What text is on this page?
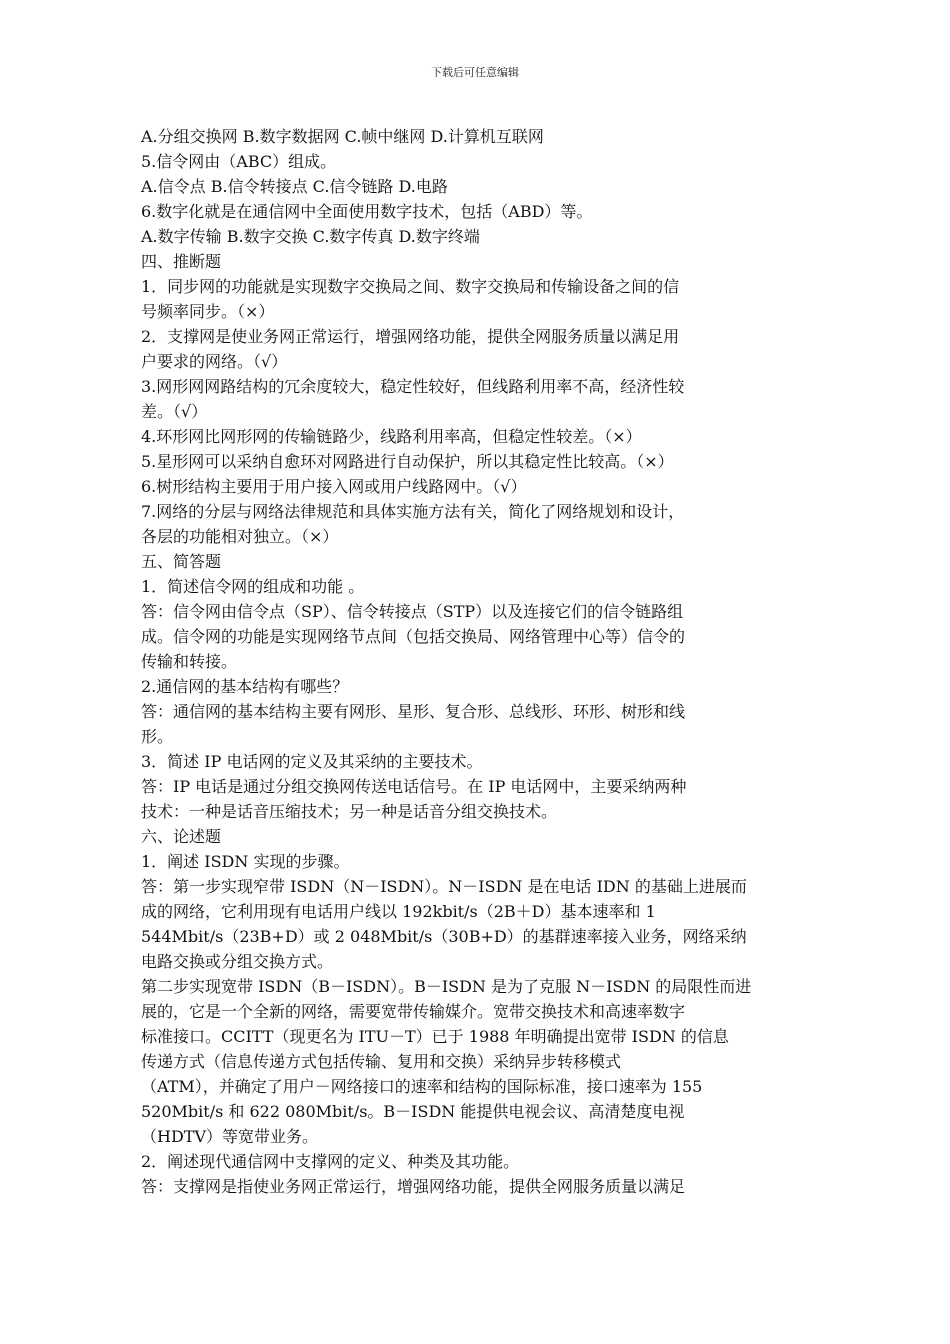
下载后可任意编辑
A.分组交换网 B.数字数据网 C.帧中继网 D.计算机互联网
5.信令网由（ABC）组成。
A.信令点 B.信令转接点 C.信令链路 D.电路
6.数字化就是在通信网中全面使用数字技术，包括（ABD）等。
A.数字传输 B.数字交换 C.数字传真 D.数字终端
四、推断题
1．同步网的功能就是实现数字交换局之间、数字交换局和传输设备之间的信
号频率同步。（×）
2．支撑网是使业务网正常运行，增强网络功能，提供全网服务质量以满足用
户要求的网络。（√）
3.网形网网路结构的冗余度较大，稳定性较好，但线路利用率不高，经济性较
差。（√）
4.环形网比网形网的传输链路少，线路利用率高，但稳定性较差。（×）
5.星形网可以采纳自愈环对网路进行自动保护，所以其稳定性比较高。（×）
6.树形结构主要用于用户接入网或用户线路网中。（√）
7.网络的分层与网络法律规范和具体实施方法有关，简化了网络规划和设计，
各层的功能相对独立。（×）
五、简答题
1．简述信令网的组成和功能 。
答：信令网由信令点（SP）、信令转接点（STP）以及连接它们的信令链路组
成。信令网的功能是实现网络节点间（包括交换局、网络管理中心等）信令的
传输和转接。
2.通信网的基本结构有哪些？
答：通信网的基本结构主要有网形、星形、复合形、总线形、环形、树形和线
形。
3．简述 IP 电话网的定义及其采纳的主要技术。
答：IP 电话是通过分组交换网传送电话信号。在 IP 电话网中，主要采纳两种
技术：一种是话音压缩技术；另一种是话音分组交换技术。
六、论述题
1．阐述 ISDN 实现的步骤。
答：第一步实现窄带 ISDN（N－ISDN）。N－ISDN 是在电话 IDN 的基础上进展而
成的网络，它利用现有电话用户线以 192kbit/s（2B＋D）基本速率和 1
544Mbit/s（23B+D）或 2 048Mbit/s（30B+D）的基群速率接入业务，网络采纳
电路交换或分组交换方式。
第二步实现宽带 ISDN（B－ISDN）。B－ISDN 是为了克服 N－ISDN 的局限性而进
展的，它是一个全新的网络，需要宽带传输媒介。宽带交换技术和高速率数字
标准接口。CCITT（现更名为 ITU－T）已于 1988 年明确提出宽带 ISDN 的信息
传递方式（信息传递方式包括传输、复用和交换）采纳异步转移模式
（ATM），并确定了用户－网络接口的速率和结构的国际标准，接口速率为 155
520Mbit/s 和 622 080Mbit/s。B－ISDN 能提供电视会议、高清楚度电视
（HDTV）等宽带业务。
2．阐述现代通信网中支撑网的定义、种类及其功能。
答：支撑网是指使业务网正常运行，增强网络功能，提供全网服务质量以满足
